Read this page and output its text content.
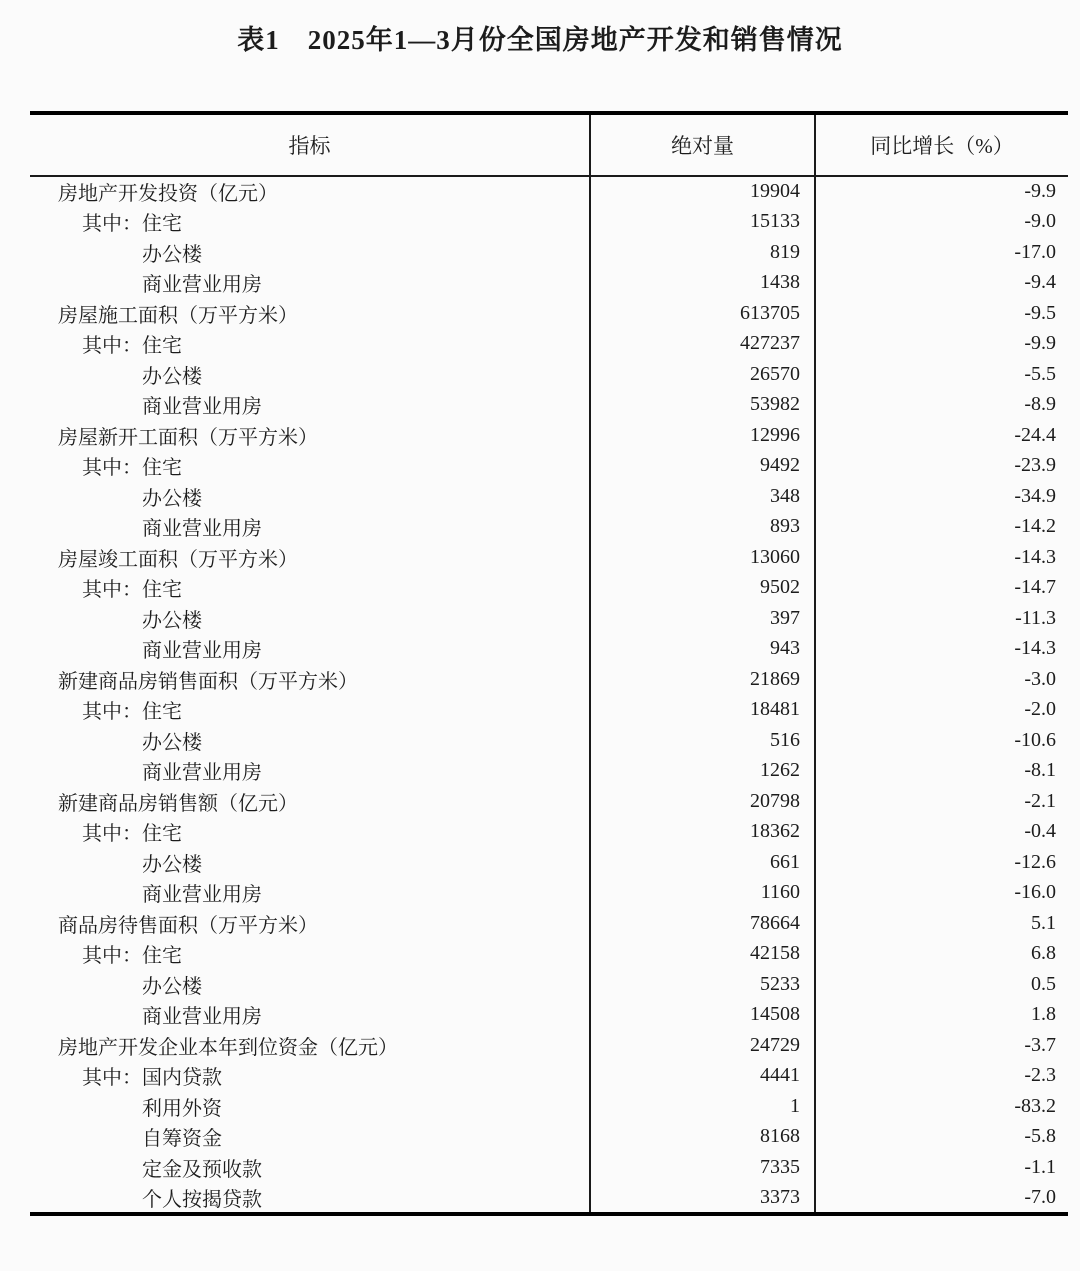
表1　2025年1—3月份全国房地产开发和销售情况
指标	绝对量	同比增长（%）
房地产开发投资（亿元）	19904	-9.9
其中：住宅	15133	-9.0
办公楼	819	-17.0
商业营业用房	1438	-9.4
房屋施工面积（万平方米）	613705	-9.5
其中：住宅	427237	-9.9
办公楼	26570	-5.5
商业营业用房	53982	-8.9
房屋新开工面积（万平方米）	12996	-24.4
其中：住宅	9492	-23.9
办公楼	348	-34.9
商业营业用房	893	-14.2
房屋竣工面积（万平方米）	13060	-14.3
其中：住宅	9502	-14.7
办公楼	397	-11.3
商业营业用房	943	-14.3
新建商品房销售面积（万平方米）	21869	-3.0
其中：住宅	18481	-2.0
办公楼	516	-10.6
商业营业用房	1262	-8.1
新建商品房销售额（亿元）	20798	-2.1
其中：住宅	18362	-0.4
办公楼	661	-12.6
商业营业用房	1160	-16.0
商品房待售面积（万平方米）	78664	5.1
其中：住宅	42158	6.8
办公楼	5233	0.5
商业营业用房	14508	1.8
房地产开发企业本年到位资金（亿元）	24729	-3.7
其中：国内贷款	4441	-2.3
利用外资	1	-83.2
自筹资金	8168	-5.8
定金及预收款	7335	-1.1
个人按揭贷款	3373	-7.0
